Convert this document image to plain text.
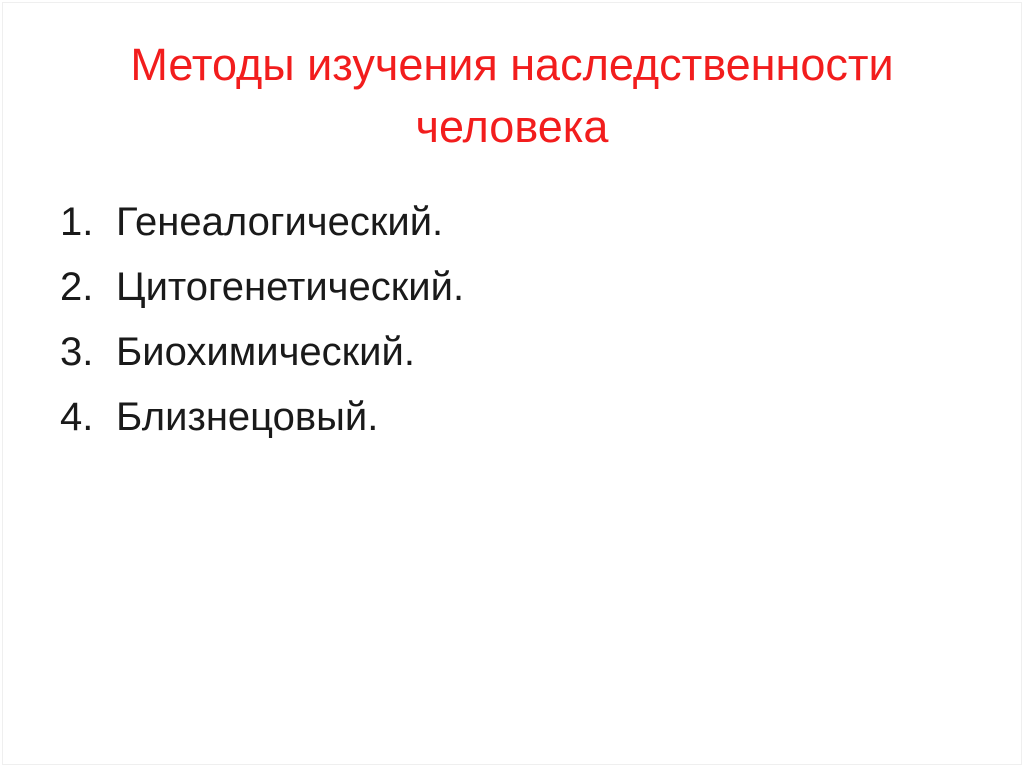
Методы изучения наследственности
человека
1. Генеалогический.
2. Цитогенетический.
3. Биохимический.
4. Близнецовый.
